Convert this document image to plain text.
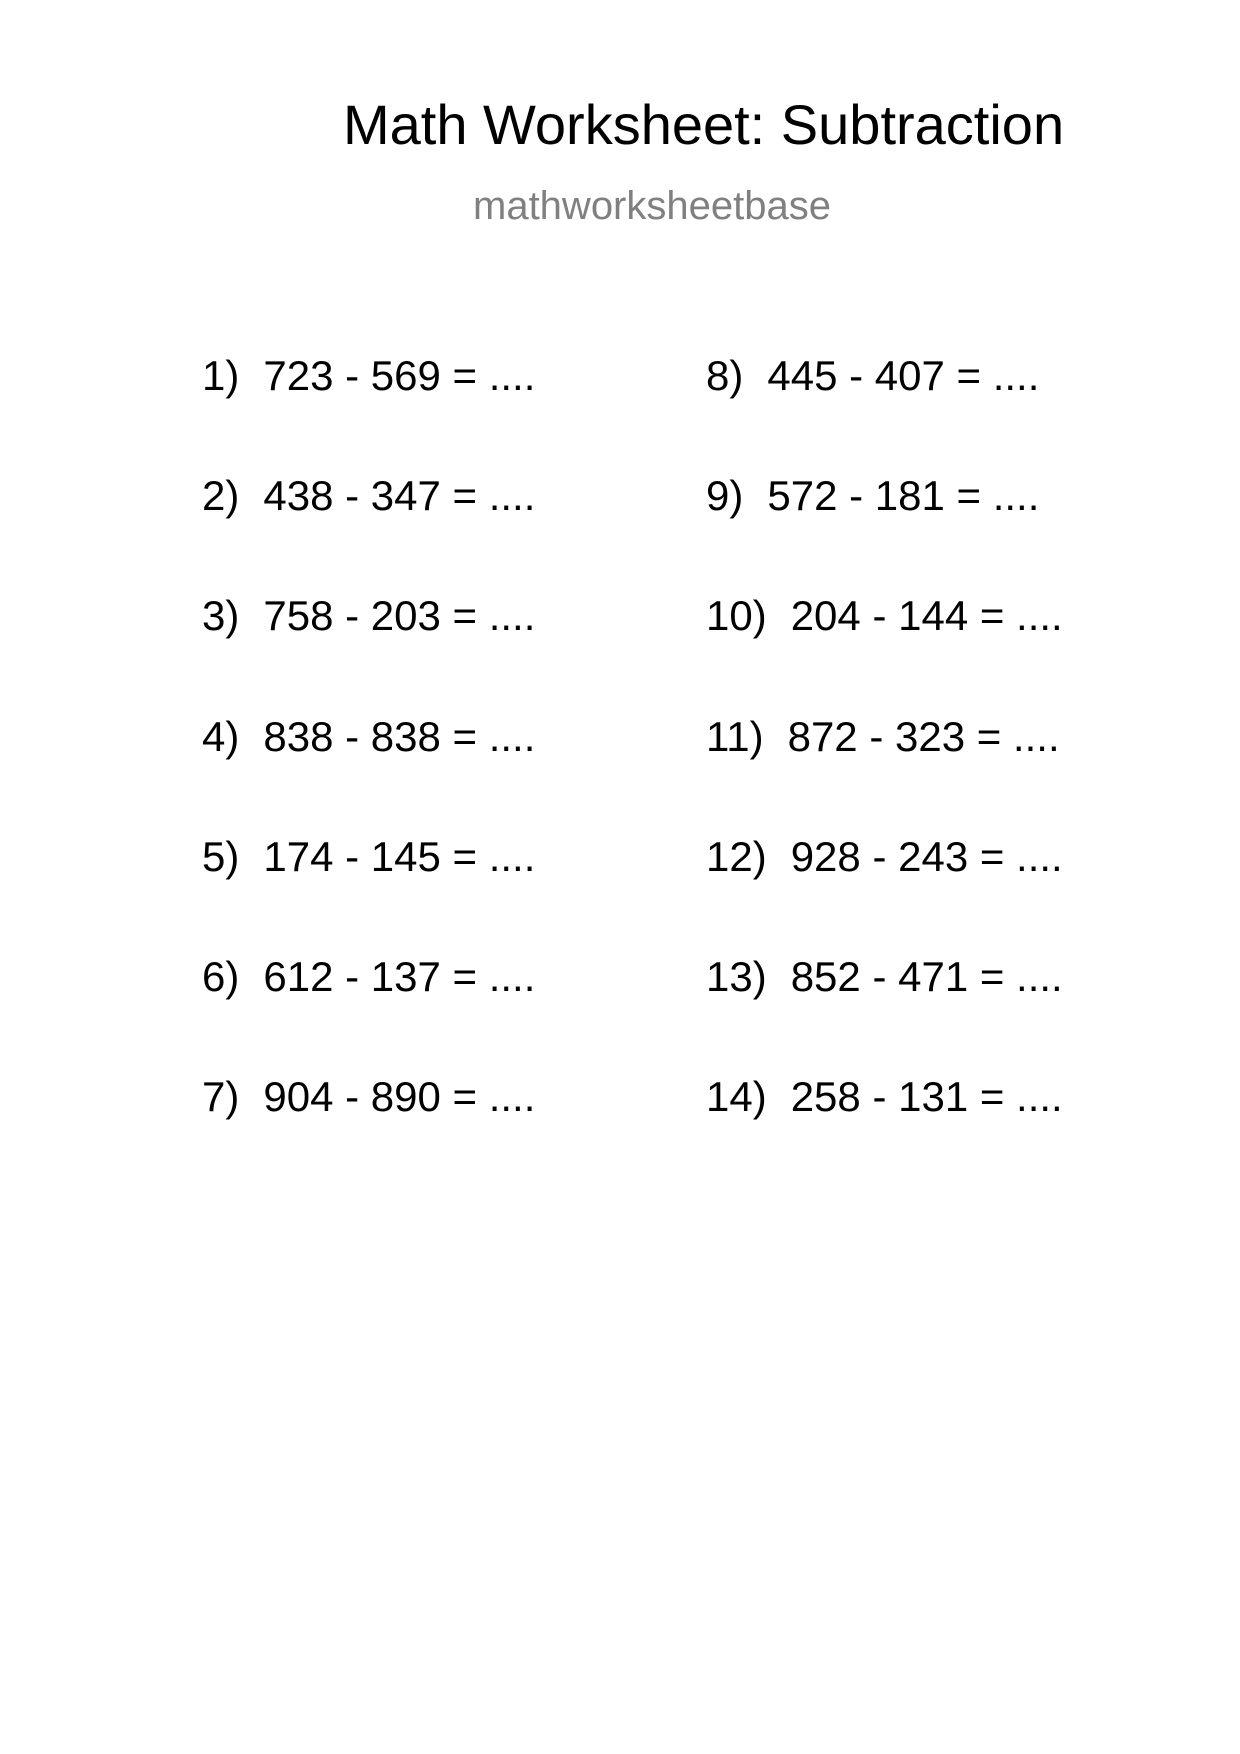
Math Worksheet: Subtraction
mathworksheetbase
1) 723 - 569 = ....
2) 438 - 347 = ....
3) 758 - 203 = ....
4) 838 - 838 = ....
5) 174 - 145 = ....
6) 612 - 137 = ....
7) 904 - 890 = ....
8) 445 - 407 = ....
9) 572 - 181 = ....
10) 204 - 144 = ....
11) 872 - 323 = ....
12) 928 - 243 = ....
13) 852 - 471 = ....
14) 258 - 131 = ....
